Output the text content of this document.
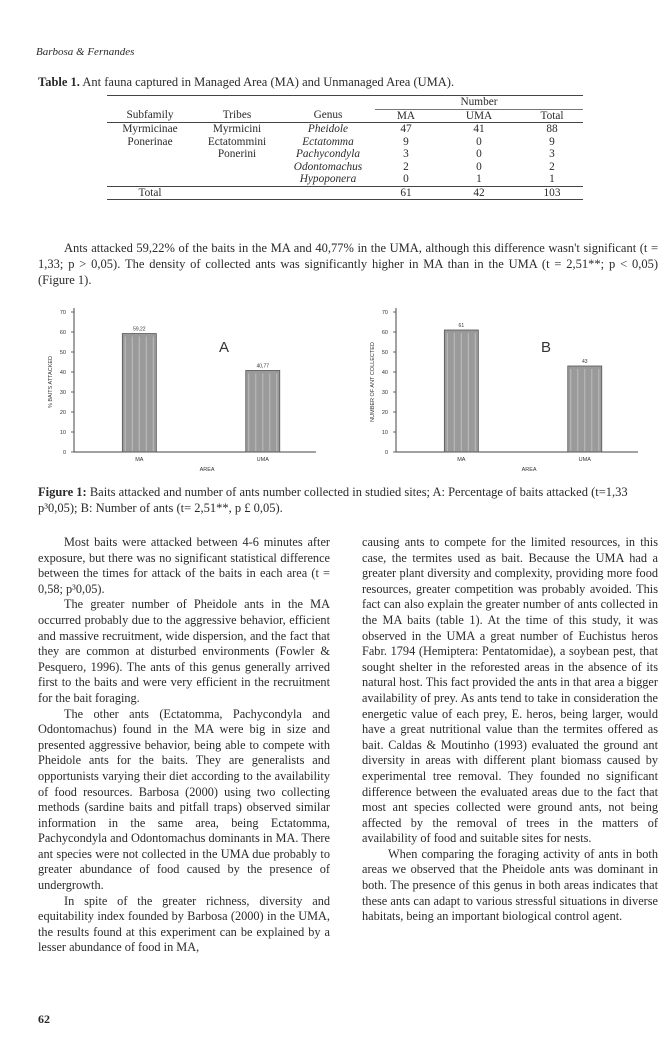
Barbosa & Fernandes
Table 1. Ant fauna captured in Managed Area (MA) and Unmanaged Area (UMA).
			Number		
Subfamily	Tribes	Genus	MA	UMA	Total
Myrmicinae	Myrmicini	Pheidole	47	41	88
Ponerinae	Ectatommini	Ectatomma	9	0	9
	Ponerini	Pachycondyla	3	0	3
		Odontomachus	2	0	2
		Hypoponera	0	1	1
Total			61	42	103
Ants attacked 59,22% of the baits in the MA and 40,77% in the UMA, although this difference wasn't significant (t = 1,33; p > 0,05). The density of collected ants was significantly higher in MA than in the UMA (t = 2,51**; p < 0,05) (Figure 1).
0
10
20
30
40
50
60
70
% BAITS ATTACKED
59,22
MA
40,77
UMA
AREA
A
0
10
20
30
40
50
60
70
NUMBER OF ANT COLLECTED
61
MA
43
UMA
AREA
B
Figure 1: Baits attacked and number of ants number collected in studied sites; A: Percentage of baits attacked (t=1,33 p³0,05); B: Number of ants (t= 2,51**, p £ 0,05).

Most baits were attacked between 4-6 minutes after exposure, but there was no significant statistical difference between the times for attack of the baits in each area (t = 0,58; p³0,05).

The greater number of Pheidole ants in the MA occurred probably due to the aggressive behavior, efficient and massive recruitment, wide dispersion, and the fact that they are common at disturbed environments (Fowler & Pesquero, 1996). The ants of this genus generally arrived first to the baits and were very efficient in the recruitment for the bait foraging.

The other ants (Ectatomma, Pachycondyla and Odontomachus) found in the MA were big in size and presented aggressive behavior, being able to compete with Pheidole ants for the baits. They are generalists and opportunists varying their diet according to the availability of food resources. Barbosa (2000) using two collecting methods (sardine baits and pitfall traps) observed similar information in the same area, being Ectatomma, Pachycondyla and Odontomachus dominants in MA. There ant species were not collected in the UMA due probably to greater abundance of food caused by the presence of undergrowth.

In spite of the greater richness, diversity and equitability index founded by Barbosa (2000) in the UMA, the results found at this experiment can be explained by a lesser abundance of food in MA,

causing ants to compete for the limited resources, in this case, the termites used as bait. Because the UMA had a greater plant diversity and complexity, providing more food resources, greater competition was probably avoided. This fact can also explain the greater number of ants collected in the MA baits (table 1). At the time of this study, it was observed in the UMA a great number of Euchistus heros Fabr. 1794 (Hemiptera: Pentatomidae), a soybean pest, that sought shelter in the reforested areas in the absence of its natural host. This fact provided the ants in that area a bigger availability of prey. As ants tend to take in consideration the energetic value of each prey, E. heros, being larger, would have a great nutritional value than the termites offered as bait. Caldas & Moutinho (1993) evaluated the ground ant diversity in areas with different plant biomass caused by experimental tree removal. They founded no significant difference between the evaluated areas due to the fact that most ant species collected were ground ants, not being affected by the removal of trees in the matters of availability of food and suitable sites for nests.

When comparing the foraging activity of ants in both areas we observed that the Pheidole ants was dominant in both. The presence of this genus in both areas indicates that these ants can adapt to various stressful situations in diverse habitats, being an important biological control agent.

62
